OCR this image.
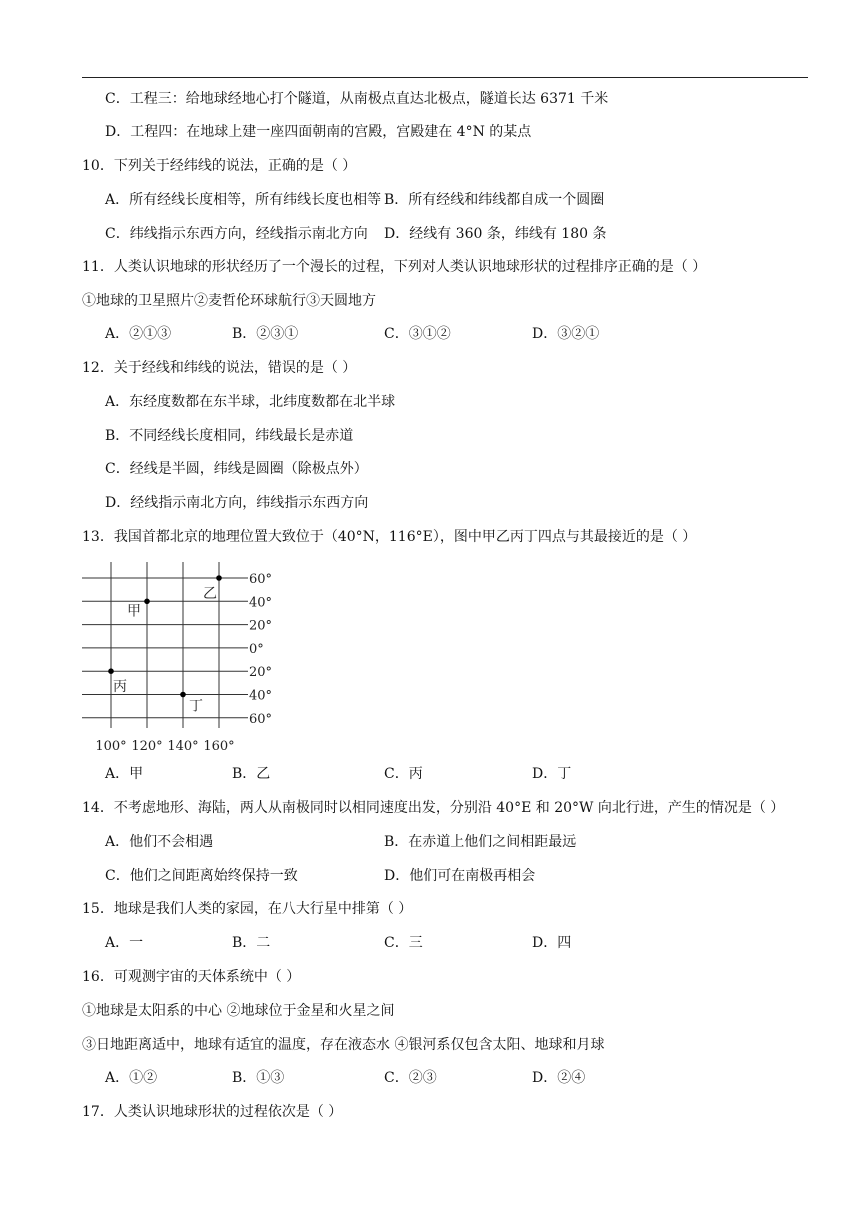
C．工程三：给地球经地心打个隧道，从南极点直达北极点，隧道长达 6371 千米
D．工程四：在地球上建一座四面朝南的宫殿，宫殿建在 4°N 的某点
10．下列关于经纬线的说法，正确的是（ ）
A．所有经线长度相等，所有纬线长度也相等 B．所有经线和纬线都自成一个圆圈
C．纬线指示东西方向，经线指示南北方向 D．经线有 360 条，纬线有 180 条
11．人类认识地球的形状经历了一个漫长的过程，下列对人类认识地球形状的过程排序正确的是（ ）
①地球的卫星照片②麦哲伦环球航行③天圆地方
A．②①③	B．②③①	C．③①②	D．③②①
12．关于经线和纬线的说法，错误的是（ ）
A．东经度数都在东半球，北纬度数都在北半球
B．不同经线长度相同，纬线最长是赤道
C．经线是半圆，纬线是圆圈（除极点外）
D．经线指示南北方向，纬线指示东西方向
13．我国首都北京的地理位置大致位于（40°N，116°E），图中甲乙丙丁四点与其最接近的是（ ）
甲
乙
丙
丁
60°
40°
20°
0°
20°
40°
60°
100° 120° 140° 160°
A．甲	B．乙	C．丙	D．丁
14．不考虑地形、海陆，两人从南极同时以相同速度出发，分别沿 40°E 和 20°W 向北行进，产生的情况是（ ）
A．他们不会相遇	B．在赤道上他们之间相距最远
C．他们之间距离始终保持一致	D．他们可在南极再相会
15．地球是我们人类的家园，在八大行星中排第（ ）
A．一	B．二	C．三	D．四
16．可观测宇宙的天体系统中（ ）
①地球是太阳系的中心 ②地球位于金星和火星之间
③日地距离适中，地球有适宜的温度，存在液态水 ④银河系仅包含太阳、地球和月球
A．①②	B．①③	C．②③	D．②④
17．人类认识地球形状的过程依次是（ ）
